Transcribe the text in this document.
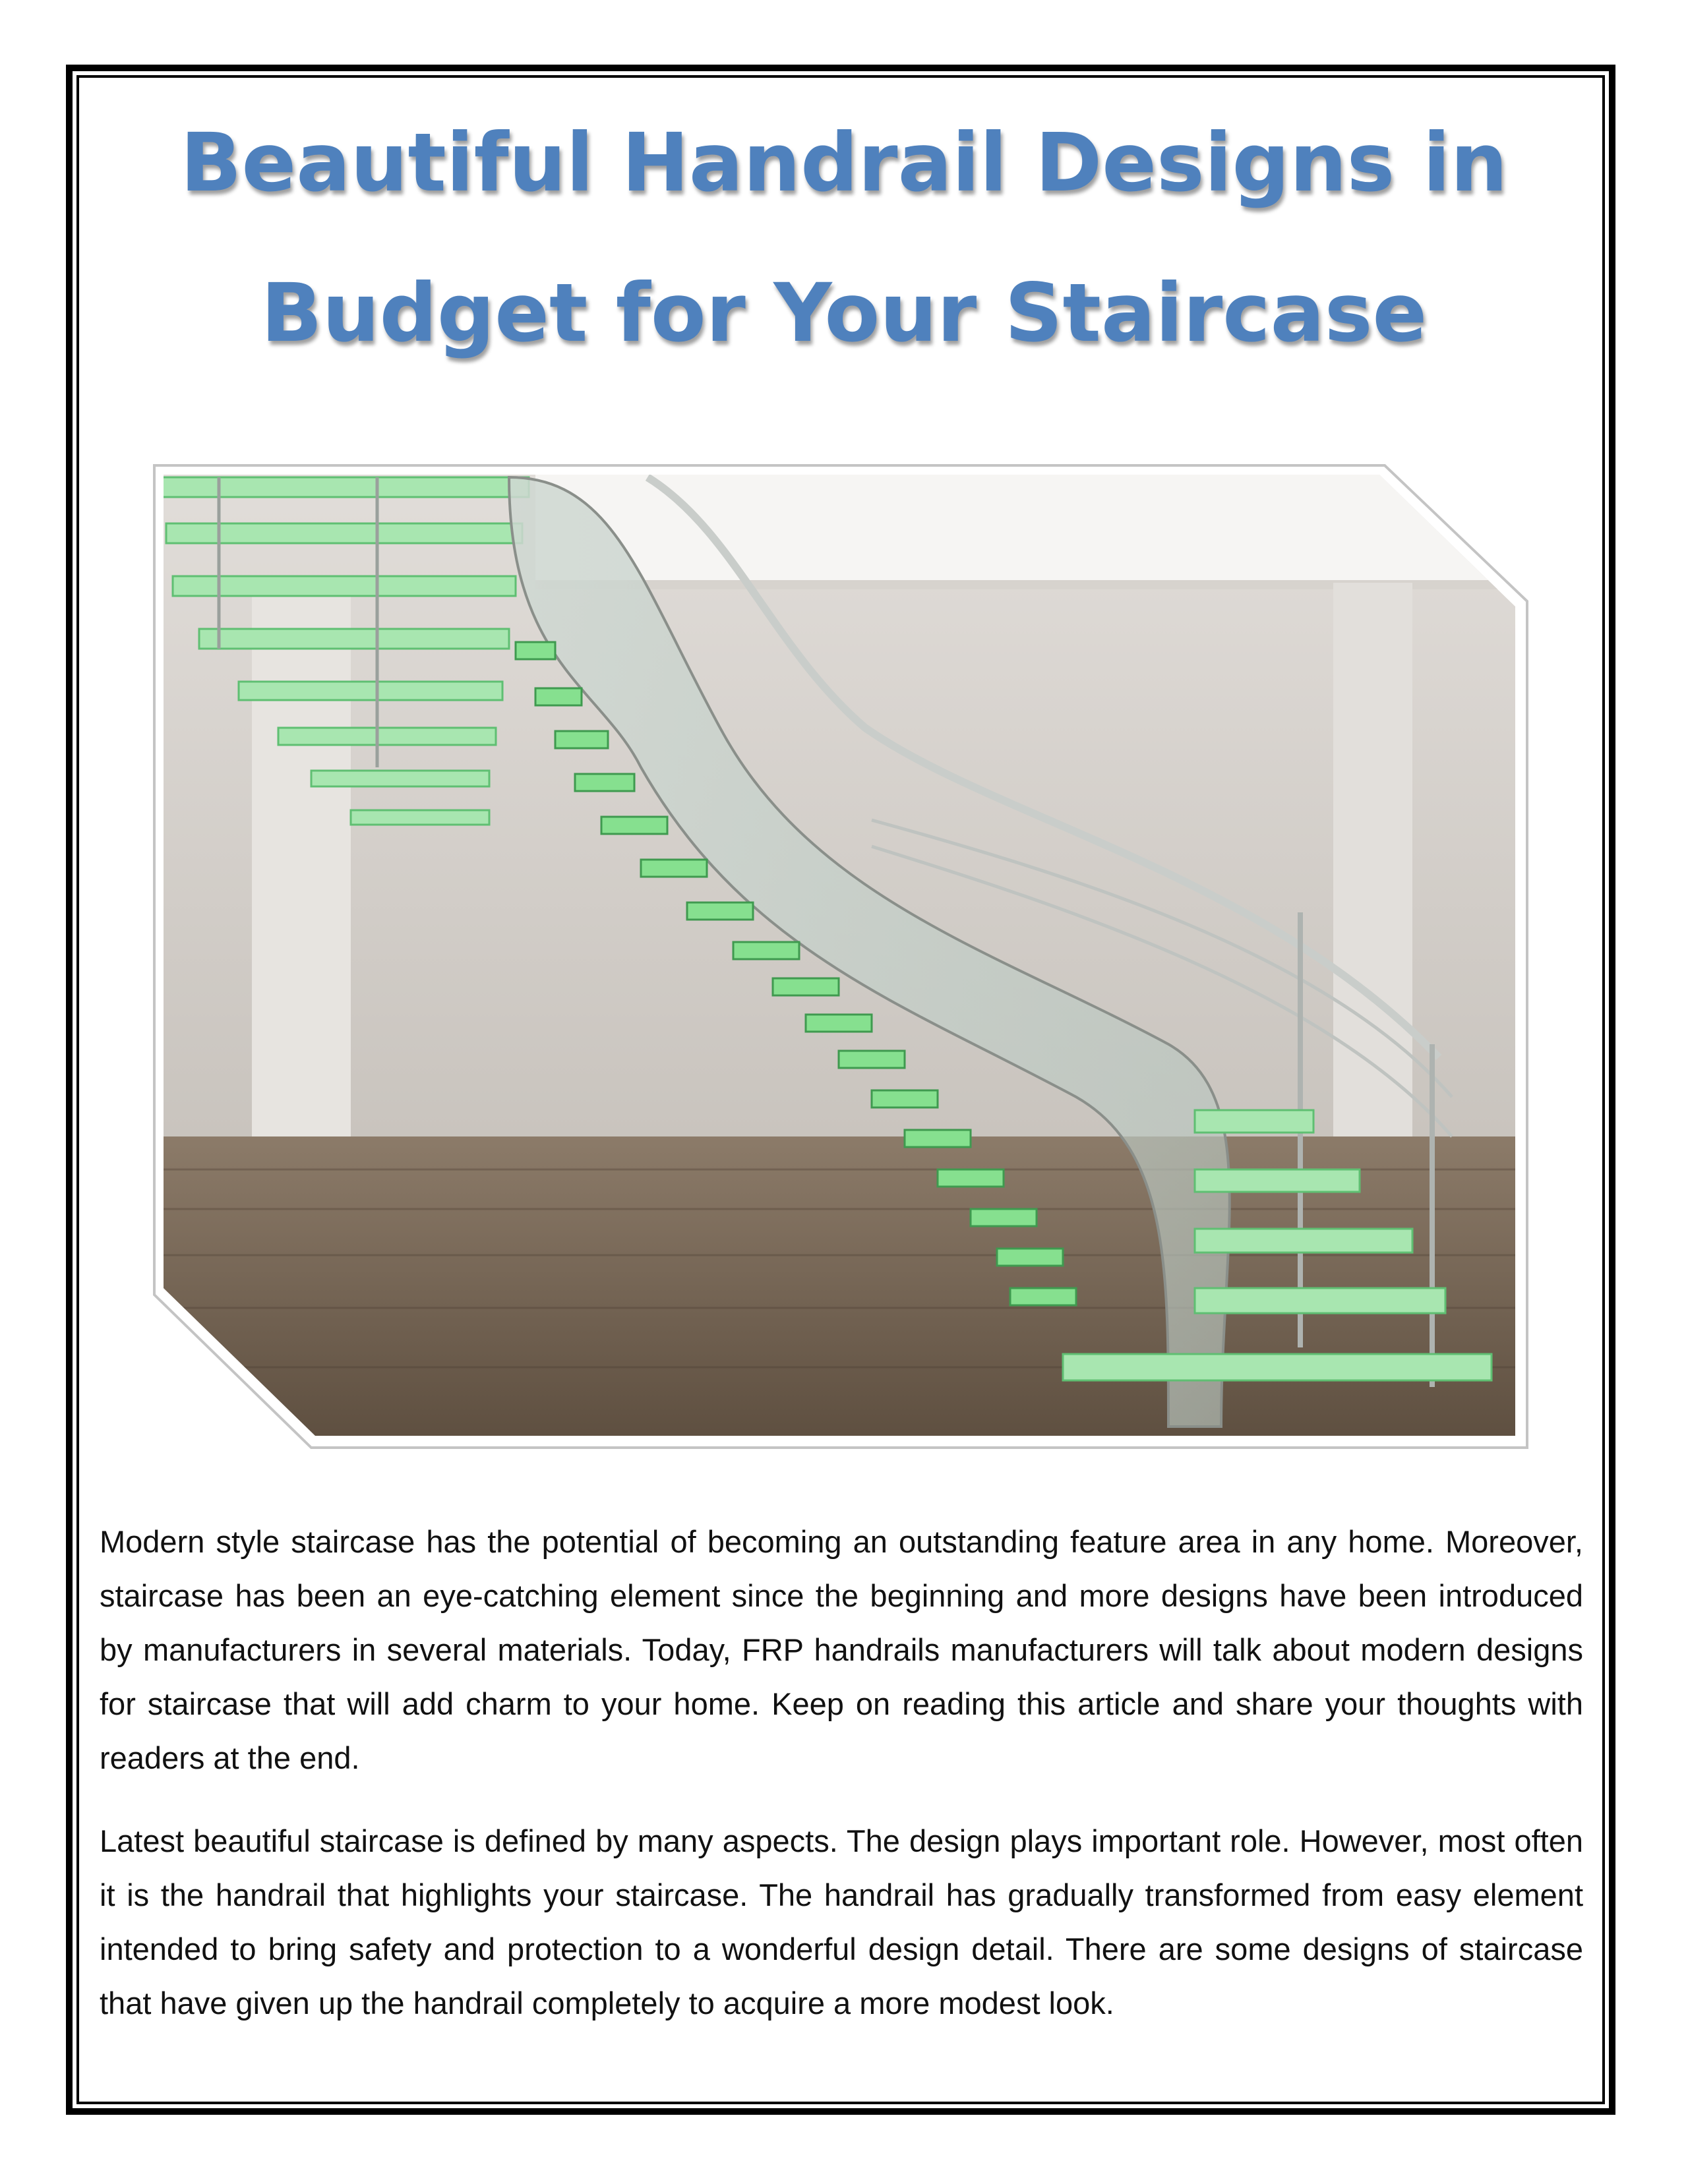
Beautiful Handrail Designs in
Budget for Your Staircase

Modern style staircase has the potential of becoming an outstanding feature area in any home. Moreover, staircase has been an eye-catching element since the beginning and more designs have been introduced by manufacturers in several materials. Today, FRP handrails manufacturers will talk about modern designs for staircase that will add charm to your home. Keep on reading this article and share your thoughts with readers at the end.

Latest beautiful staircase is defined by many aspects. The design plays important role. However, most often it is the handrail that highlights your staircase. The handrail has gradually transformed from easy element intended to bring safety and protection to a wonderful design detail. There are some designs of staircase that have given up the handrail completely to acquire a more modest look.
